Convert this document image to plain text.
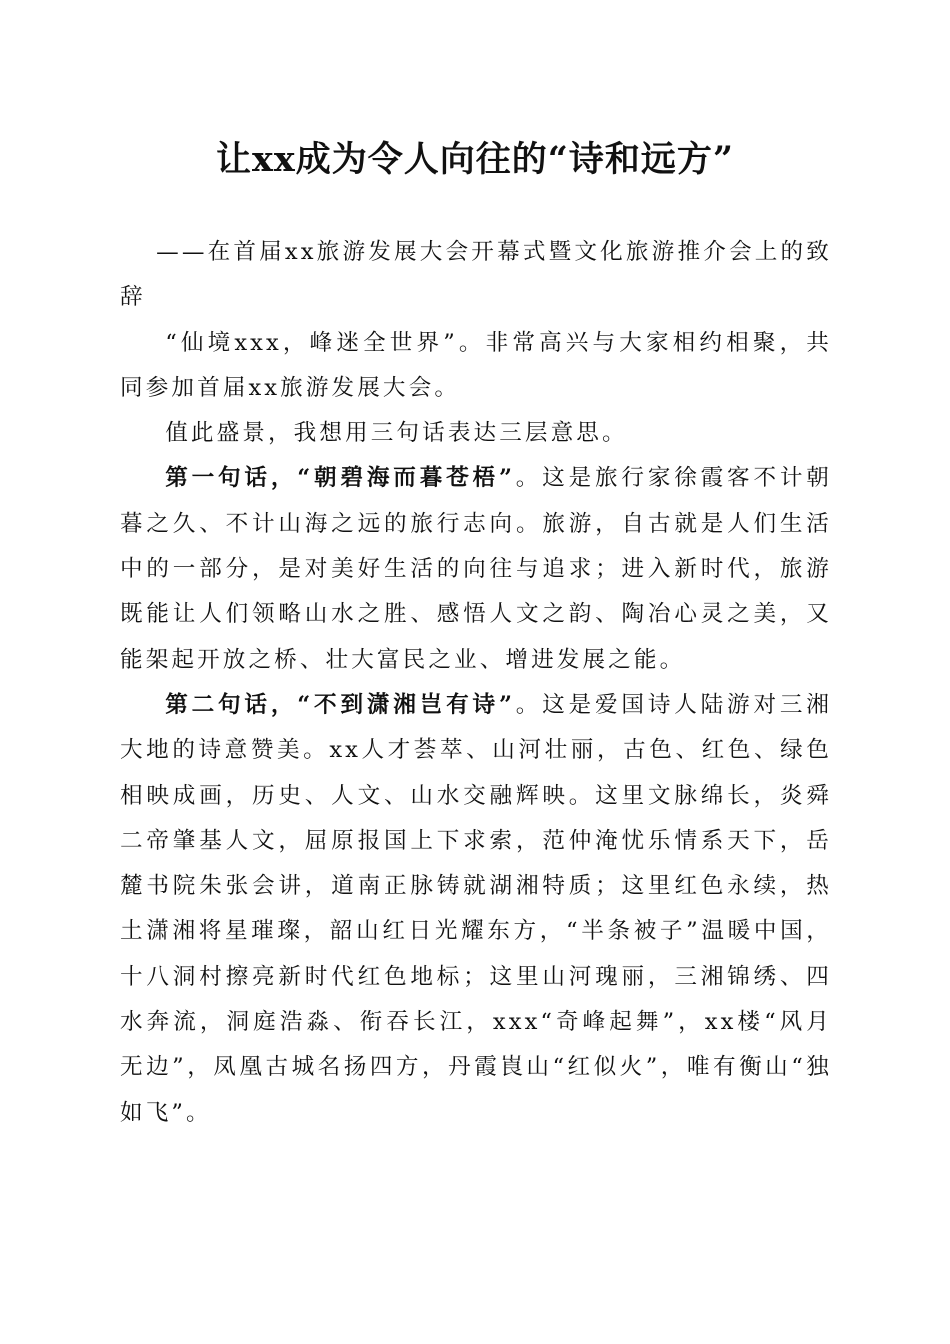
让xx成为令人向往的“诗和远方”

——在首届xx旅游发展大会开幕式暨文化旅游推介会上的致辞

“仙境xxx，峰迷全世界”。非常高兴与大家相约相聚，共同参加首届xx旅游发展大会。

值此盛景，我想用三句话表达三层意思。

第一句话，“朝碧海而暮苍梧”。这是旅行家徐霞客不计朝暮之久、不计山海之远的旅行志向。旅游，自古就是人们生活中的一部分，是对美好生活的向往与追求；进入新时代，旅游既能让人们领略山水之胜、感悟人文之韵、陶冶心灵之美，又能架起开放之桥、壮大富民之业、增进发展之能。

第二句话，“不到潇湘岂有诗”。这是爱国诗人陆游对三湘大地的诗意赞美。xx人才荟萃、山河壮丽，古色、红色、绿色相映成画，历史、人文、山水交融辉映。这里文脉绵长，炎舜二帝肇基人文，屈原报国上下求索，范仲淹忧乐情系天下，岳麓书院朱张会讲，道南正脉铸就湖湘特质；这里红色永续，热土潇湘将星璀璨，韶山红日光耀东方，“半条被子”温暖中国，十八洞村擦亮新时代红色地标；这里山河瑰丽，三湘锦绣、四水奔流，洞庭浩淼、衔吞长江，xxx“奇峰起舞”，xx楼“风月无边”，凤凰古城名扬四方，丹霞崀山“红似火”，唯有衡山“独如飞”。
